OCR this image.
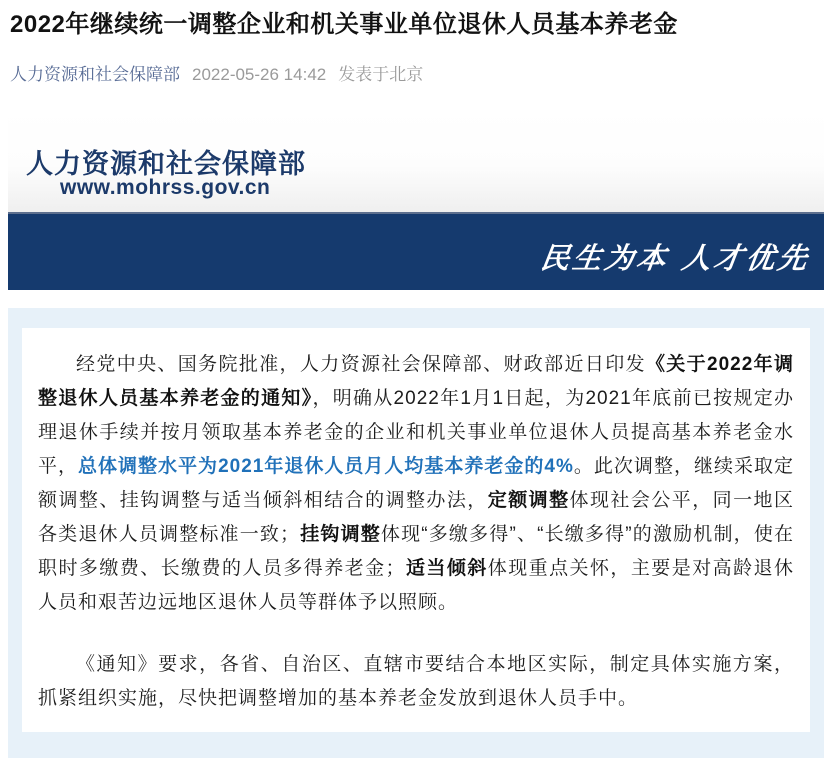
2022年继续统一调整企业和机关事业单位退休人员基本养老金
人力资源和社会保障部 2022-05-26 14:42 发表于北京
人力资源和社会保障部
www.mohrss.gov.cn
民生为本 人才优先

经党中央、国务院批准，人力资源社会保障部、财政部近日印发《关于2022年调整退休人员基本养老金的通知》，明确从2022年1月1日起，为2021年底前已按规定办理退休手续并按月领取基本养老金的企业和机关事业单位退休人员提高基本养老金水平，总体调整水平为2021年退休人员月人均基本养老金的4%。此次调整，继续采取定额调整、挂钩调整与适当倾斜相结合的调整办法，定额调整体现社会公平，同一地区各类退休人员调整标准一致；挂钩调整体现“多缴多得”、“长缴多得”的激励机制，使在职时多缴费、长缴费的人员多得养老金；适当倾斜体现重点关怀，主要是对高龄退休人员和艰苦边远地区退休人员等群体予以照顾。

《通知》要求，各省、自治区、直辖市要结合本地区实际，制定具体实施方案，抓紧组织实施，尽快把调整增加的基本养老金发放到退休人员手中。
